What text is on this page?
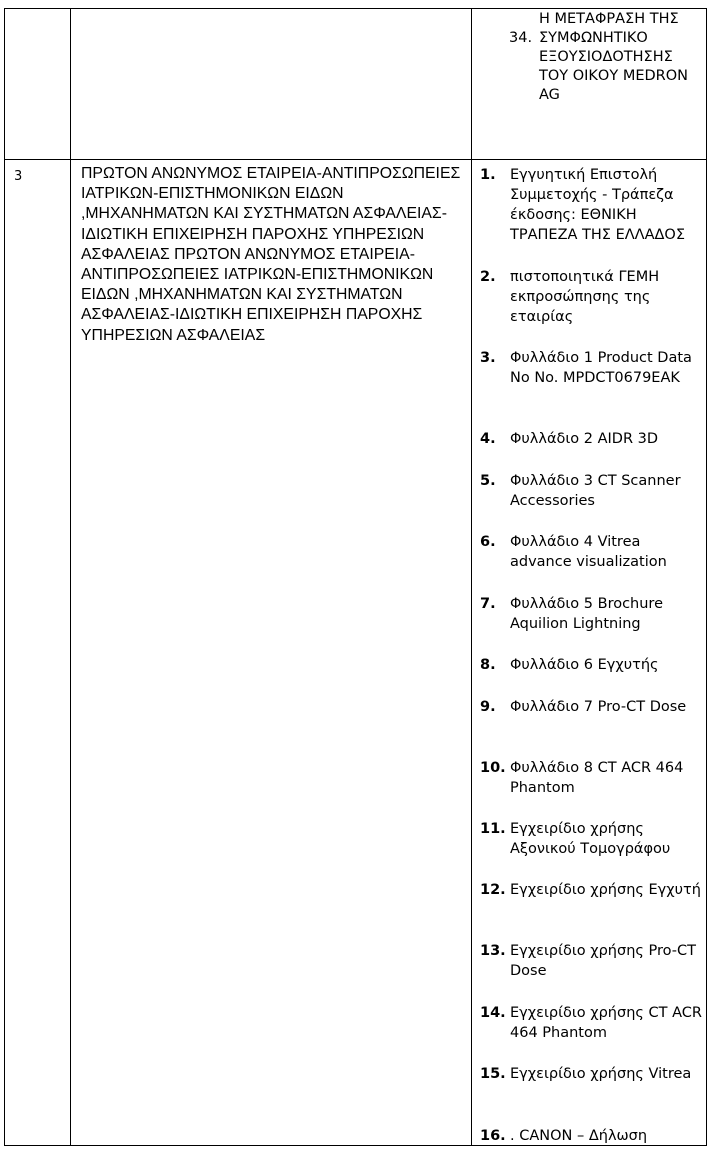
34.
Η ΜΕΤΑΦΡΑΣΗ ΤΗΣ ΣΥΜΦΩΝΗΤΙΚΟ ΕΞΟΥΣΙΟΔΟΤΗΣΗΣ ΤΟΥ ΟΙΚΟΥ MEDRON AG
3	ΠΡΩΤΟΝ ΑΝΩΝΥΜΟΣ ΕΤΑΙΡΕΙΑ-ΑΝΤΙΠΡΟΣΩΠΕΙΕΣ ΙΑΤΡΙΚΩΝ-ΕΠΙΣΤΗΜΟΝΙΚΩΝ ΕΙΔΩΝ ,ΜΗΧΑΝΗΜΑΤΩΝ ΚΑΙ ΣΥΣΤΗΜΑΤΩΝ ΑΣΦΑΛΕΙΑΣ-ΙΔΙΩΤΙΚΗ ΕΠΙΧΕΙΡΗΣΗ ΠΑΡΟΧΗΣ ΥΠΗΡΕΣΙΩΝ ΑΣΦΑΛΕΙΑΣ ΠΡΩΤΟΝ ΑΝΩΝΥΜΟΣ ΕΤΑΙΡΕΙΑ-ΑΝΤΙΠΡΟΣΩΠΕΙΕΣ ΙΑΤΡΙΚΩΝ-ΕΠΙΣΤΗΜΟΝΙΚΩΝ ΕΙΔΩΝ ,ΜΗΧΑΝΗΜΑΤΩΝ ΚΑΙ ΣΥΣΤΗΜΑΤΩΝ ΑΣΦΑΛΕΙΑΣ-ΙΔΙΩΤΙΚΗ ΕΠΙΧΕΙΡΗΣΗ ΠΑΡΟΧΗΣ ΥΠΗΡΕΣΙΩΝ ΑΣΦΑΛΕΙΑΣ

1. Εγγυητική Επιστολή Συμμετοχής - Τράπεζα έκδοσης: ΕΘΝΙΚΗ ΤΡΑΠΕΖΑ ΤΗΣ ΕΛΛΑΔΟΣ
2. πιστοποιητικά ΓΕΜΗ εκπροσώπησης της εταιρίας
3. Φυλλάδιο 1 Product Data No No. MPDCT0679EAK
4. Φυλλάδιο 2 AIDR 3D
5. Φυλλάδιο 3 CT Scanner Accessories
6. Φυλλάδιο 4 Vitrea advance visualization
7. Φυλλάδιο 5 Brochure Aquilion Lightning
8. Φυλλάδιο 6 Εγχυτής
9. Φυλλάδιο 7 Pro-CT Dose
10. Φυλλάδιο 8 CT ACR 464 Phantom
11. Εγχειρίδιο χρήσης Αξονικού Τομογράφου
12. Εγχειρίδιο χρήσης Εγχυτή
13. Εγχειρίδιο χρήσης Pro-CT Dose
14. Εγχειρίδιο χρήσης CT ACR 464 Phantom
15. Εγχειρίδιο χρήσης Vitrea
16. . CANON – Δήλωση
